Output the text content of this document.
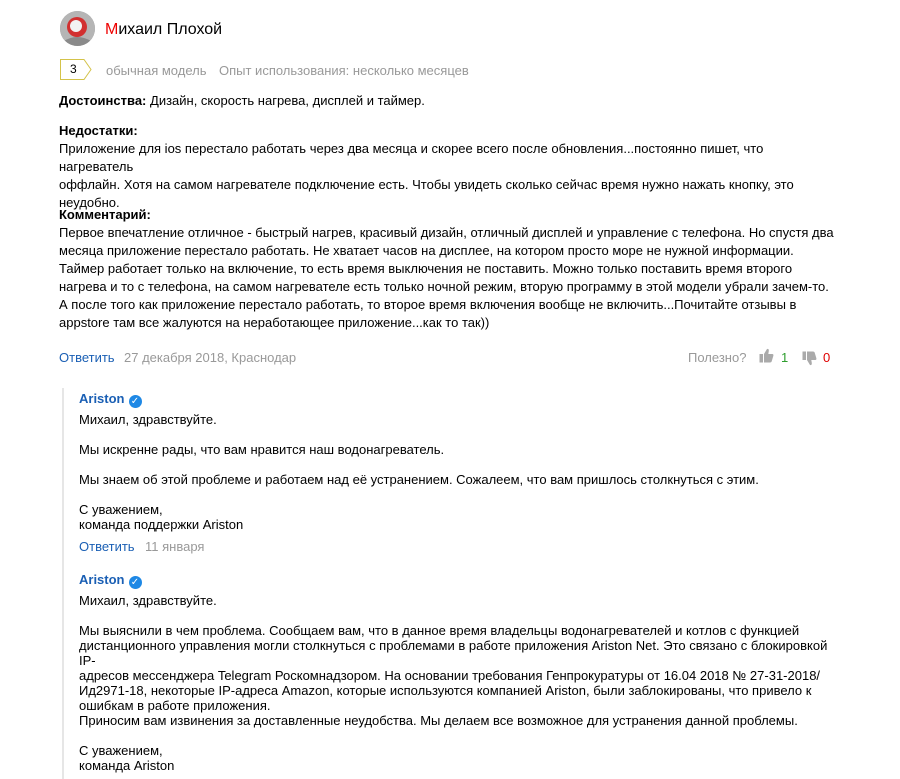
Михаил Плохой
3 обычная модель Опыт использования: несколько месяцев
Достоинства: Дизайн, скорость нагрева, дисплей и таймер.
Недостатки:
Приложение для ios перестало работать через два месяца и скорее всего после обновления...постоянно пишет, что нагреватель
оффлайн. Хотя на самом нагревателе подключение есть. Чтобы увидеть сколько сейчас время нужно нажать кнопку, это
неудобно.
Комментарий:
Первое впечатление отличное - быстрый нагрев, красивый дизайн, отличный дисплей и управление с телефона. Но спустя два
месяца приложение перестало работать. Не хватает часов на дисплее, на котором просто море не нужной информации.
Таймер работает только на включение, то есть время выключения не поставить. Можно только поставить время второго
нагрева и то с телефона, на самом нагревателе есть только ночной режим, вторую программу в этой модели убрали зачем-то.
А после того как приложение перестало работать, то второе время включения вообще не включить...Почитайте отзывы в
appstore там все жалуются на неработающее приложение...как то так))
Ответить 27 декабря 2018, Краснодар	Полезно?	1	0
Ariston ✓
Михаил, здравствуйте.
Мы искренне рады, что вам нравится наш водонагреватель.
Мы знаем об этой проблеме и работаем над её устранением. Сожалеем, что вам пришлось столкнуться с этим.
С уважением,
команда поддержки Ariston
Ответить 11 января
Ariston ✓
Михаил, здравствуйте.
Мы выяснили в чем проблема. Сообщаем вам, что в данное время владельцы водонагревателей и котлов с функцией
дистанционного управления могли столкнуться с проблемами в работе приложения Ariston Net. Это связано с блокировкой IP-
адресов мессенджера Telegram Роскомнадзором. На основании требования Генпрокуратуры от 16.04 2018 № 27-31-2018/
Ид2971-18, некоторые IP-адреса Amazon, которые используются компанией Ariston, были заблокированы, что привело к
ошибкам в работе приложения.
Приносим вам извинения за доставленные неудобства. Мы делаем все возможное для устранения данной проблемы.
С уважением,
команда Ariston
